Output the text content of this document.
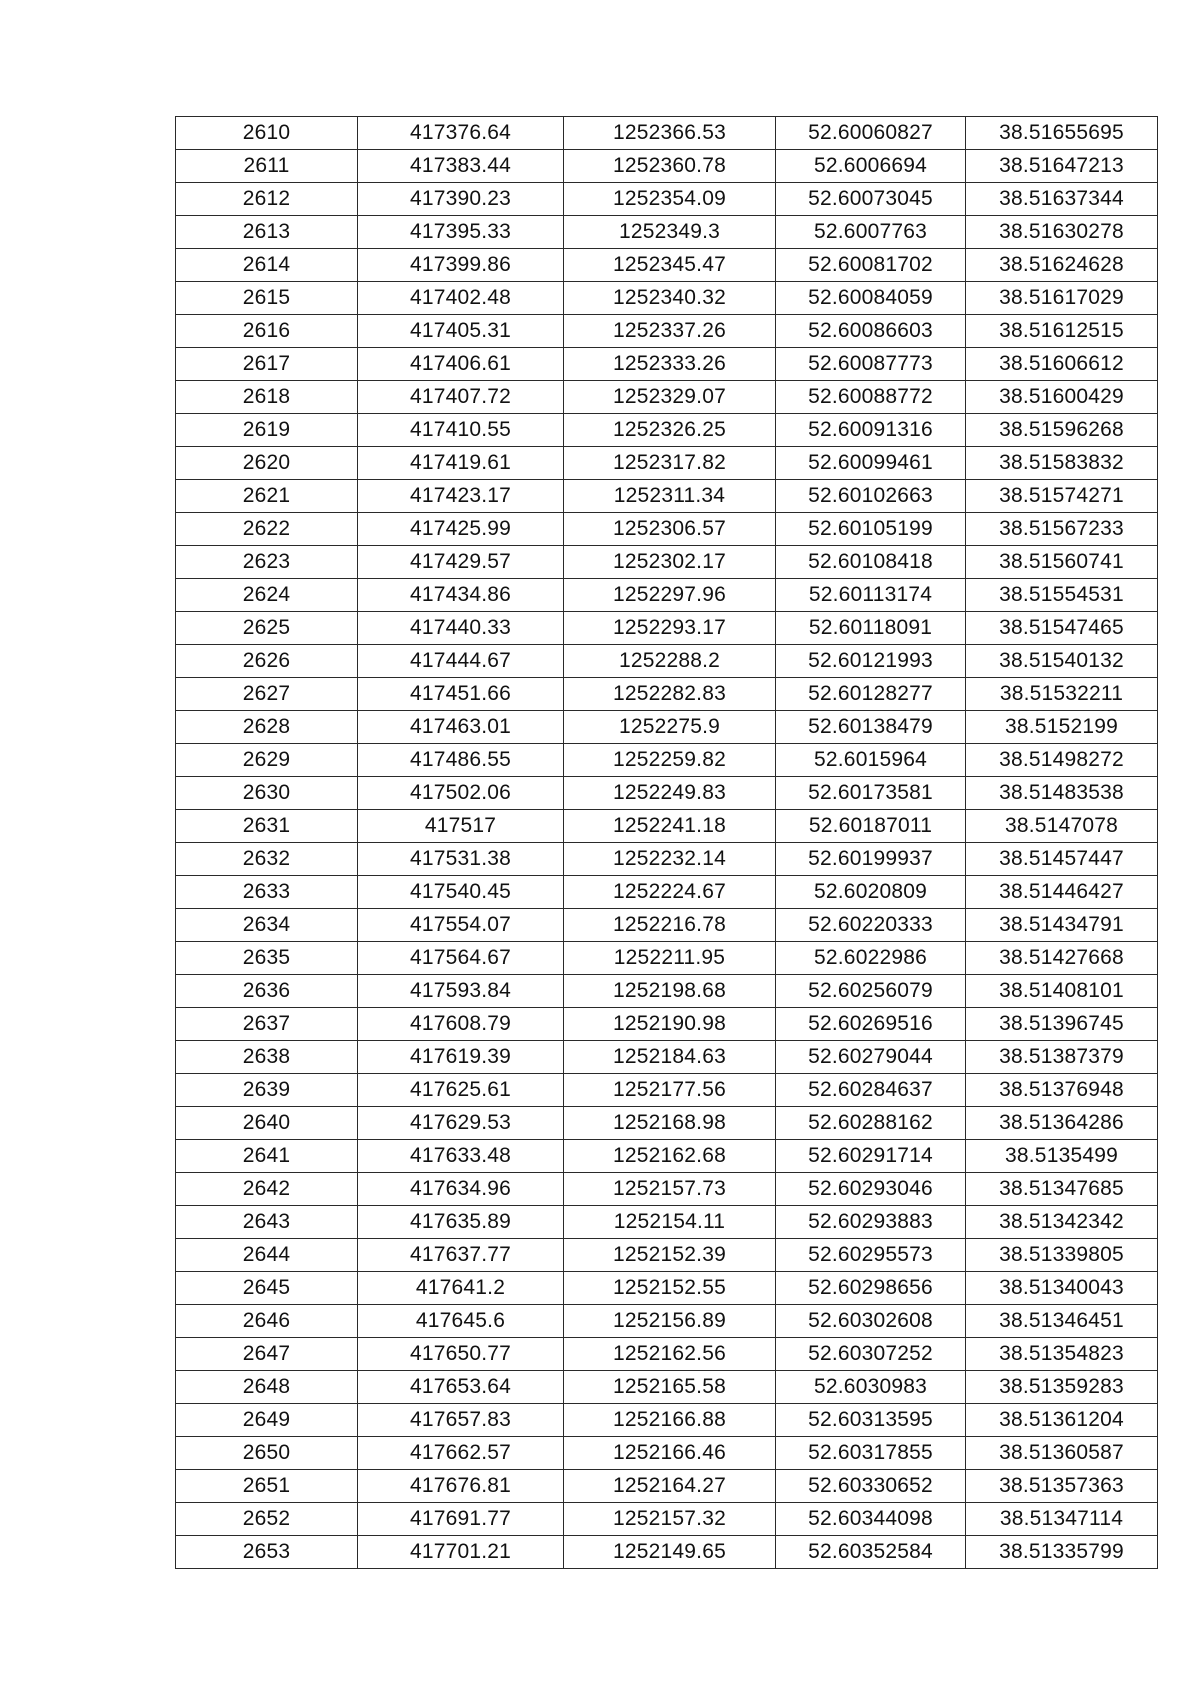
2610	417376.64	1252366.53	52.60060827	38.51655695
2611	417383.44	1252360.78	52.6006694	38.51647213
2612	417390.23	1252354.09	52.60073045	38.51637344
2613	417395.33	1252349.3	52.6007763	38.51630278
2614	417399.86	1252345.47	52.60081702	38.51624628
2615	417402.48	1252340.32	52.60084059	38.51617029
2616	417405.31	1252337.26	52.60086603	38.51612515
2617	417406.61	1252333.26	52.60087773	38.51606612
2618	417407.72	1252329.07	52.60088772	38.51600429
2619	417410.55	1252326.25	52.60091316	38.51596268
2620	417419.61	1252317.82	52.60099461	38.51583832
2621	417423.17	1252311.34	52.60102663	38.51574271
2622	417425.99	1252306.57	52.60105199	38.51567233
2623	417429.57	1252302.17	52.60108418	38.51560741
2624	417434.86	1252297.96	52.60113174	38.51554531
2625	417440.33	1252293.17	52.60118091	38.51547465
2626	417444.67	1252288.2	52.60121993	38.51540132
2627	417451.66	1252282.83	52.60128277	38.51532211
2628	417463.01	1252275.9	52.60138479	38.5152199
2629	417486.55	1252259.82	52.6015964	38.51498272
2630	417502.06	1252249.83	52.60173581	38.51483538
2631	417517	1252241.18	52.60187011	38.5147078
2632	417531.38	1252232.14	52.60199937	38.51457447
2633	417540.45	1252224.67	52.6020809	38.51446427
2634	417554.07	1252216.78	52.60220333	38.51434791
2635	417564.67	1252211.95	52.6022986	38.51427668
2636	417593.84	1252198.68	52.60256079	38.51408101
2637	417608.79	1252190.98	52.60269516	38.51396745
2638	417619.39	1252184.63	52.60279044	38.51387379
2639	417625.61	1252177.56	52.60284637	38.51376948
2640	417629.53	1252168.98	52.60288162	38.51364286
2641	417633.48	1252162.68	52.60291714	38.5135499
2642	417634.96	1252157.73	52.60293046	38.51347685
2643	417635.89	1252154.11	52.60293883	38.51342342
2644	417637.77	1252152.39	52.60295573	38.51339805
2645	417641.2	1252152.55	52.60298656	38.51340043
2646	417645.6	1252156.89	52.60302608	38.51346451
2647	417650.77	1252162.56	52.60307252	38.51354823
2648	417653.64	1252165.58	52.6030983	38.51359283
2649	417657.83	1252166.88	52.60313595	38.51361204
2650	417662.57	1252166.46	52.60317855	38.51360587
2651	417676.81	1252164.27	52.60330652	38.51357363
2652	417691.77	1252157.32	52.60344098	38.51347114
2653	417701.21	1252149.65	52.60352584	38.51335799
